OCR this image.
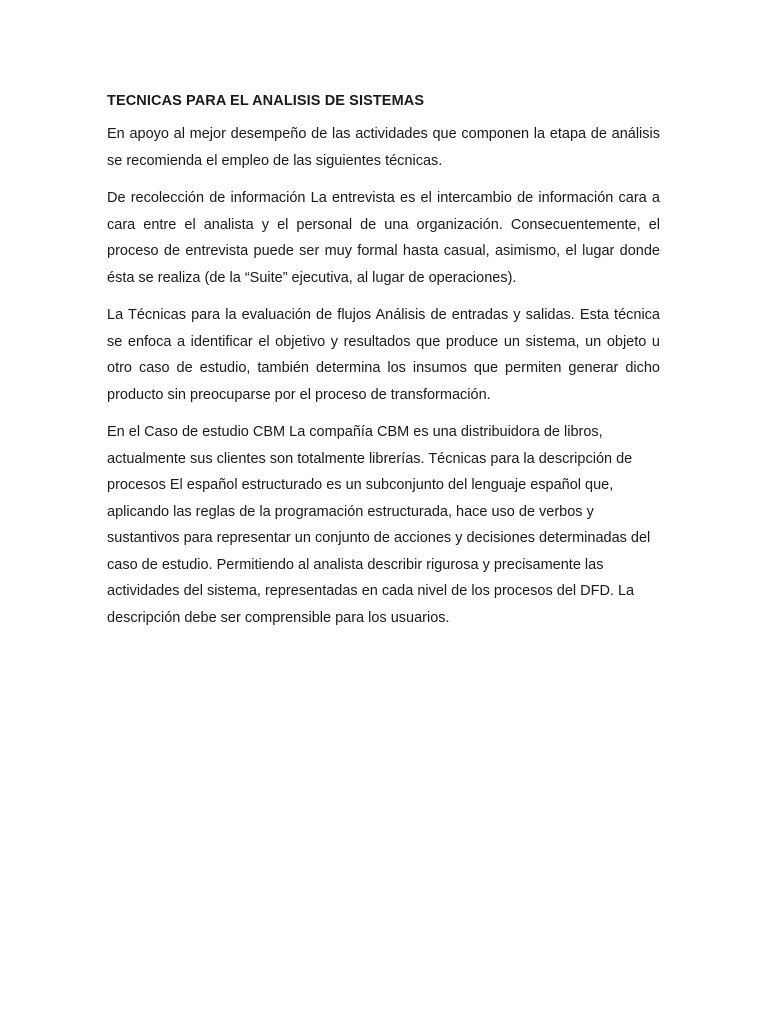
TECNICAS PARA EL ANALISIS DE SISTEMAS

En apoyo al mejor desempeño de las actividades que componen la etapa de análisis se recomienda el empleo de las siguientes técnicas.

De recolección de información La entrevista es el intercambio de información cara a cara entre el analista y el personal de una organización. Consecuentemente, el proceso de entrevista puede ser muy formal hasta casual, asimismo, el lugar donde ésta se realiza (de la “Suite” ejecutiva, al lugar de operaciones).

La Técnicas para la evaluación de flujos Análisis de entradas y salidas. Esta técnica se enfoca a identificar el objetivo y resultados que produce un sistema, un objeto u otro caso de estudio, también determina los insumos que permiten generar dicho producto sin preocuparse por el proceso de transformación.

En el Caso de estudio CBM La compañía CBM es una distribuidora de libros, actualmente sus clientes son totalmente librerías. Técnicas para la descripción de procesos El español estructurado es un subconjunto del lenguaje español que, aplicando las reglas de la programación estructurada, hace uso de verbos y sustantivos para representar un conjunto de acciones y decisiones determinadas del caso de estudio. Permitiendo al analista describir rigurosa y precisamente las actividades del sistema, representadas en cada nivel de los procesos del DFD. La descripción debe ser comprensible para los usuarios.
